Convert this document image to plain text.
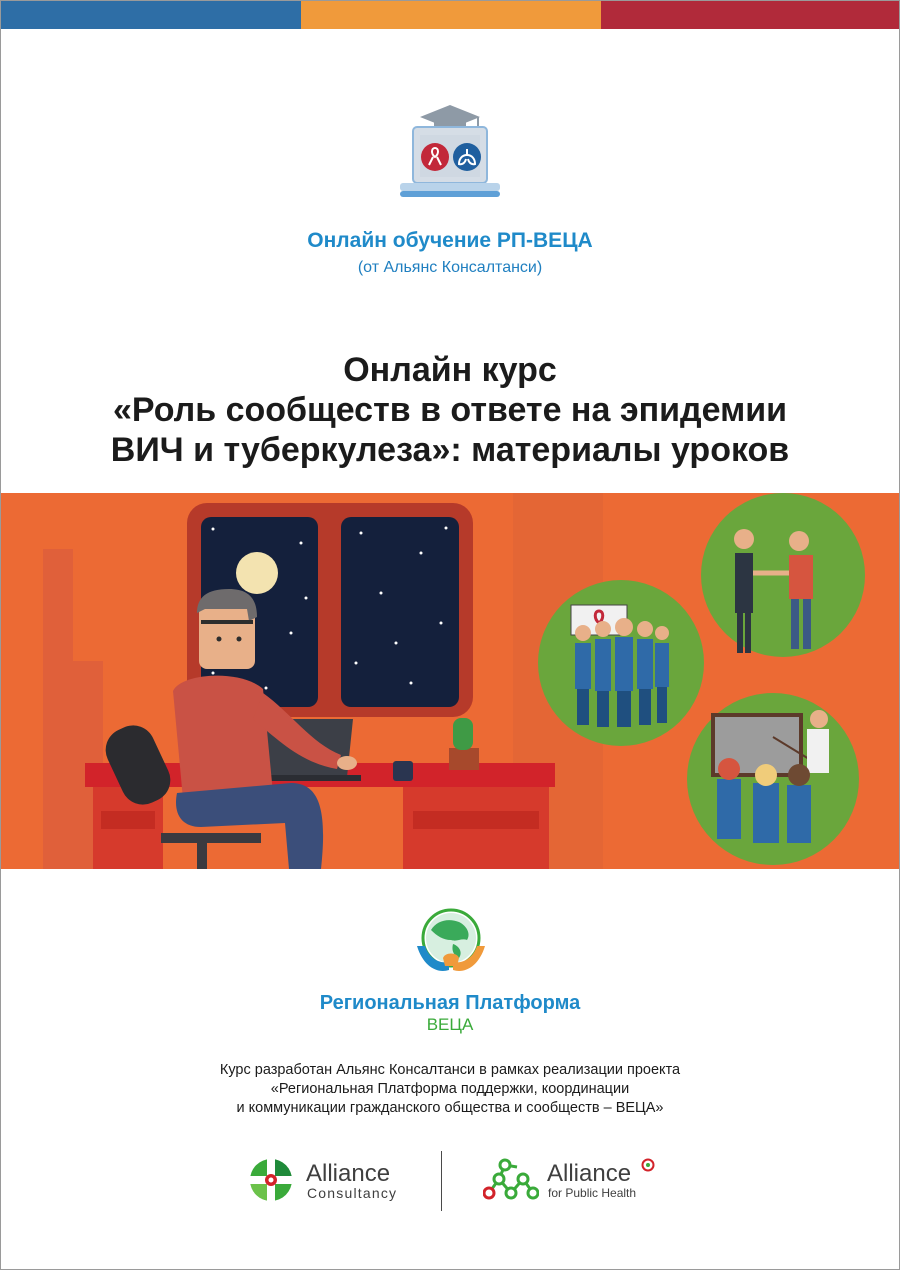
Онлайн обучение РП-ВЕЦА
(от Альянс Консалтанси)
Онлайн курс
«Роль сообществ в ответе на эпидемии
ВИЧ и туберкулеза»: материалы уроков
Региональная Платформа
ВЕЦА
Курс разработан Альянс Консалтанси в рамках реализации проекта
«Региональная Платформа поддержки, координации
и коммуникации гражданского общества и сообществ – ВЕЦА»
Alliance
Consultancy
Alliance
for Public Health
